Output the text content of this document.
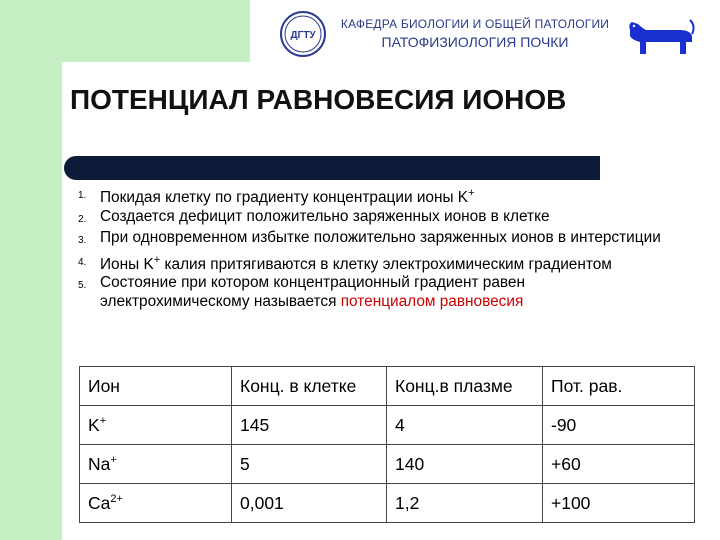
ДГТУ
КАФЕДРА БИОЛОГИИ И ОБЩЕЙ ПАТОЛОГИИ
ПАТОФИЗИОЛОГИЯ ПОЧКИ
ПОТЕНЦИАЛ РАВНОВЕСИЯ ИОНОВ
1. Покидая клетку по градиенту концентрации ионы K+
2. Создается дефицит положительно заряженных ионов в клетке
3. При одновременном избытке положительно заряженных ионов в интерстиции
4. Ионы K+ калия притягиваются в клетку электрохимическим градиентом
5. Состояние при котором концентрационный градиент равен электрохимическому называется потенциалом равновесия
Ион	Конц. в клетке	Конц.в плазме	Пот. рав.
K+	145	4	-90
Na+	5	140	+60
$Ca^{2+}$	0,001	1,2	+100
